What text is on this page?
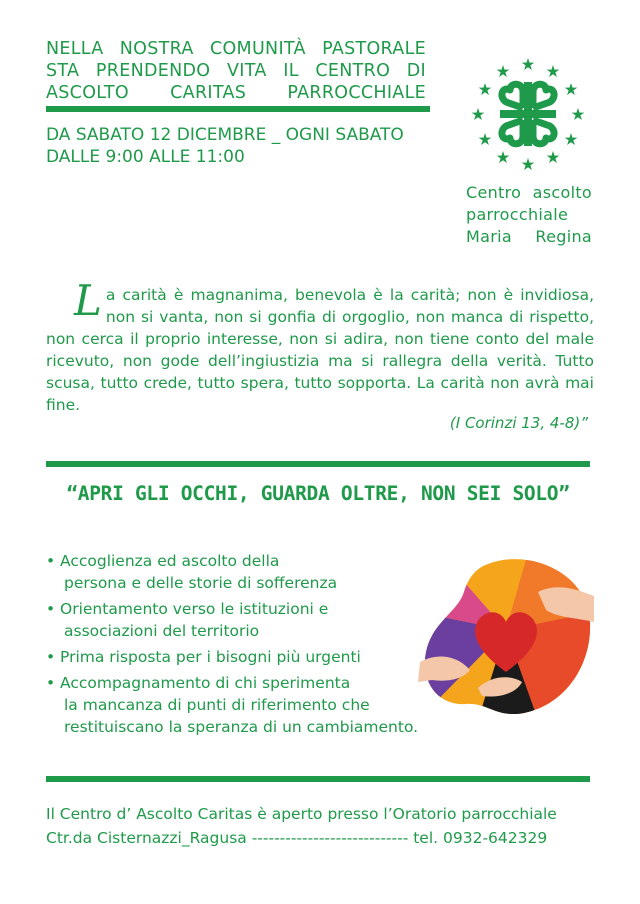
NELLA NOSTRA COMUNITÀ PASTORALE
STA PRENDENDO VITA IL CENTRO DI
ASCOLTO CARITAS PARROCCHIALE
DA SABATO 12 DICEMBRE _ OGNI SABATO
DALLE 9:00 ALLE 11:00
Centro ascolto
parrocchiale
Maria Regina
La carità è magnanima, benevola è la carità; non è invidiosa, non si vanta, non si gonfia di orgoglio, non manca di rispetto, non cerca il proprio interesse, non si adira, non tiene conto del male ricevuto, non gode dell’ingiustizia ma si rallegra della verità. Tutto scusa, tutto crede, tutto spera, tutto sopporta. La carità non avrà mai fine.
(I Corinzi 13, 4-8)”
“APRI GLI OCCHI, GUARDA OLTRE, NON SEI SOLO”
• Accoglienza ed ascolto della
persona e delle storie di sofferenza
• Orientamento verso le istituzioni e
associazioni del territorio
• Prima risposta per i bisogni più urgenti
• Accompagnamento di chi sperimenta
la mancanza di punti di riferimento che restituiscano la speranza di un cambiamento.
Il Centro d’ Ascolto Caritas è aperto presso l’Oratorio parrocchiale
Ctr.da Cisternazzi_Ragusa ---------------------------- tel. 0932-642329
